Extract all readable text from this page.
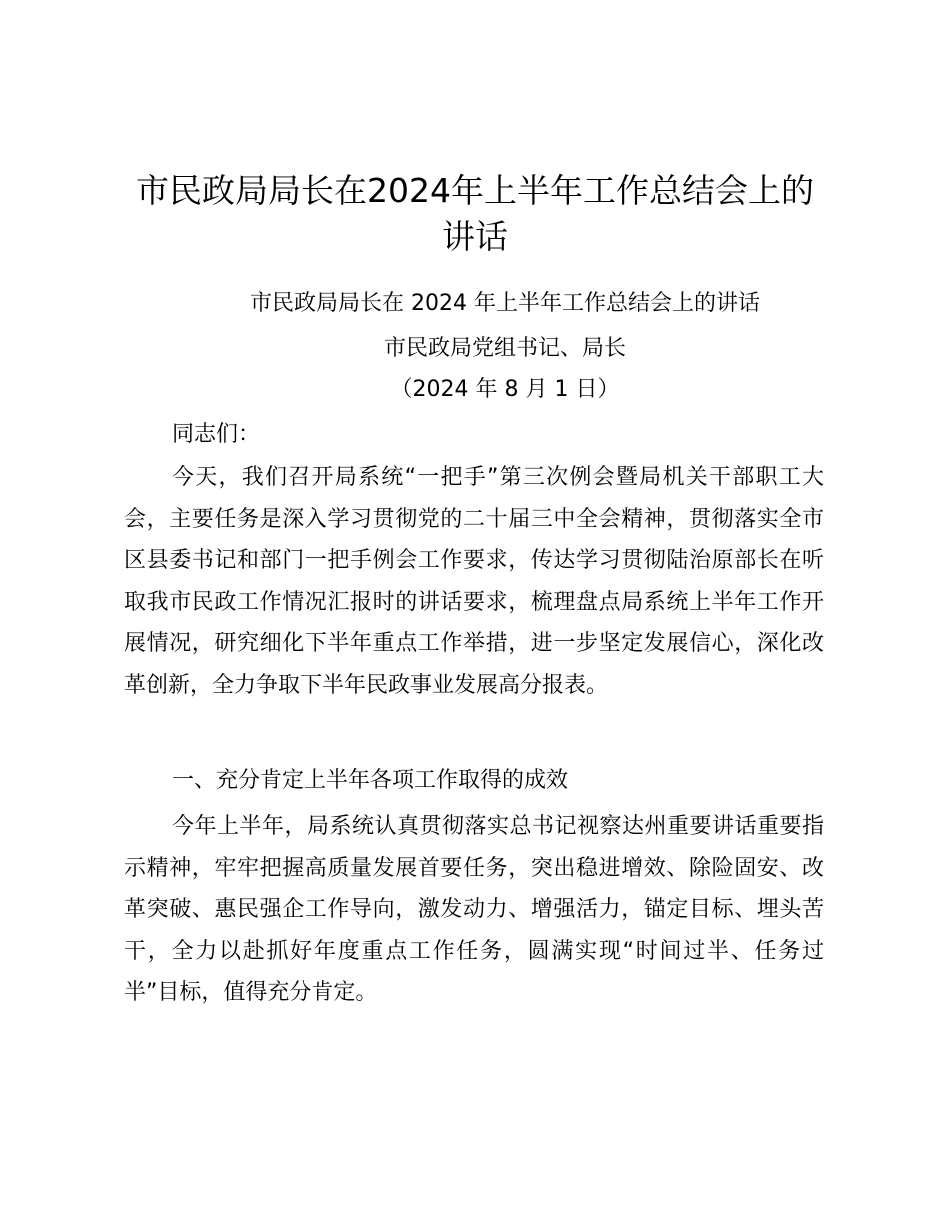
市民政局局长在2024年上半年工作总结会上的讲话

市民政局局长在 2024 年上半年工作总结会上的讲话

市民政局党组书记、局长

（2024 年 8 月 1 日）

同志们：

今天，我们召开局系统“一把手”第三次例会暨局机关干部职工大会，主要任务是深入学习贯彻党的二十届三中全会精神，贯彻落实全市区县委书记和部门一把手例会工作要求，传达学习贯彻陆治原部长在听取我市民政工作情况汇报时的讲话要求，梳理盘点局系统上半年工作开展情况，研究细化下半年重点工作举措，进一步坚定发展信心，深化改革创新，全力争取下半年民政事业发展高分报表。

一、充分肯定上半年各项工作取得的成效

今年上半年，局系统认真贯彻落实总书记视察达州重要讲话重要指示精神，牢牢把握高质量发展首要任务，突出稳进增效、除险固安、改革突破、惠民强企工作导向，激发动力、增强活力，锚定目标、埋头苦干，全力以赴抓好年度重点工作任务，圆满实现“时间过半、任务过半”目标，值得充分肯定。
